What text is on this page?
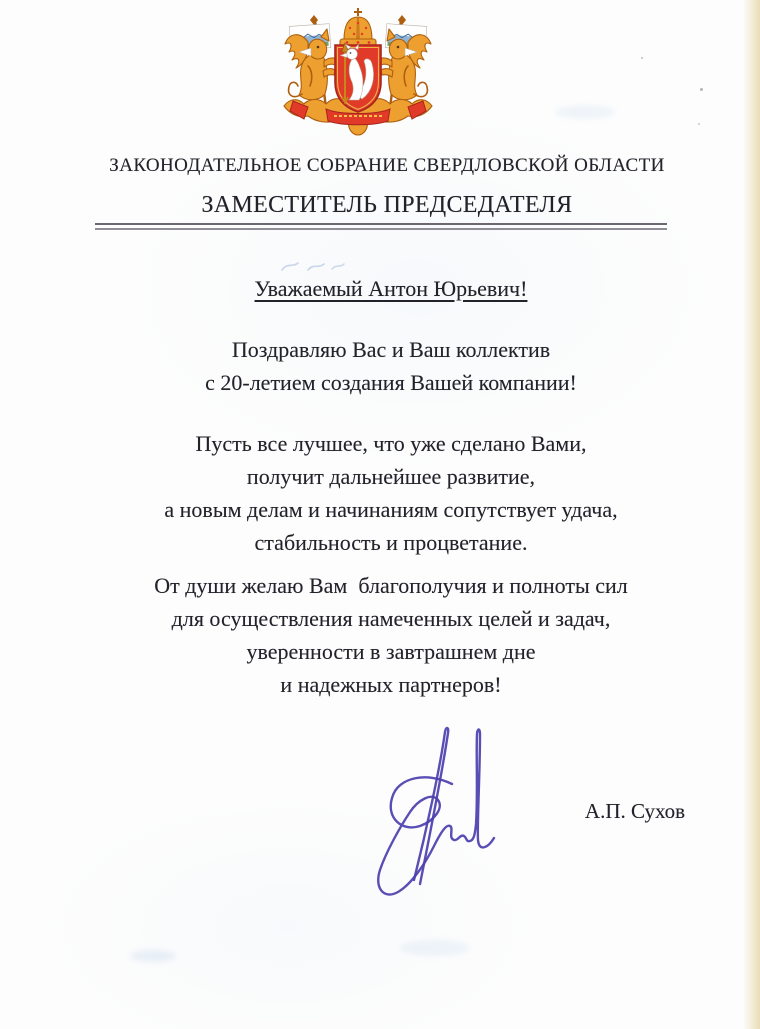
ЗАКОНОДАТЕЛЬНОЕ СОБРАНИЕ СВЕРДЛОВСКОЙ ОБЛАСТИ
ЗАМЕСТИТЕЛЬ ПРЕДСЕДАТЕЛЯ
Уважаемый Антон Юрьевич!
Поздравляю Вас и Ваш коллектив
с 20-летием создания Вашей компании!
Пусть все лучшее, что уже сделано Вами,
получит дальнейшее развитие,
а новым делам и начинаниям сопутствует удача,
стабильность и процветание.
От души желаю Вам  благополучия и полноты сил
для осуществления намеченных целей и задач,
уверенности в завтрашнем дне
и надежных партнеров!
А.П. Сухов
